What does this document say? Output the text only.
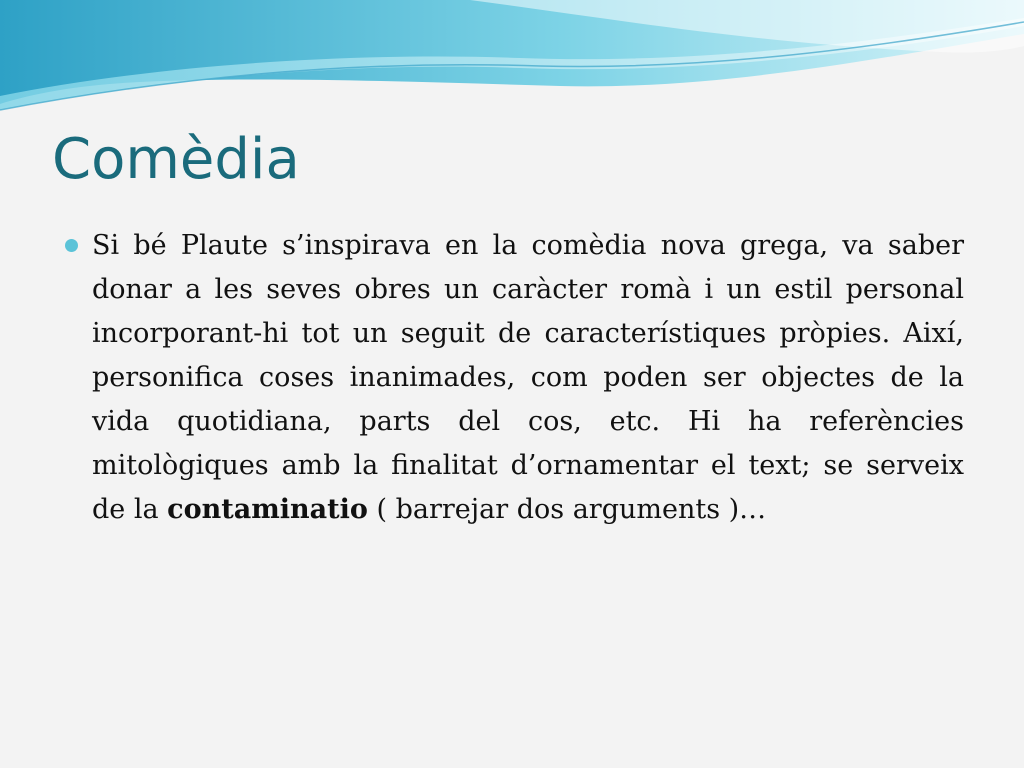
Comèdia

Si bé Plaute s’inspirava en la comèdia nova grega, va saber donar a les seves obres un caràcter romà i un estil personal incorporant-hi tot un seguit de característiques pròpies. Així, personifica coses inanimades, com poden ser objectes de la vida quotidiana, parts del cos, etc. Hi ha referències mitològiques amb la finalitat d’ornamentar el text; se serveix de la contaminatio ( barrejar dos arguments )…
